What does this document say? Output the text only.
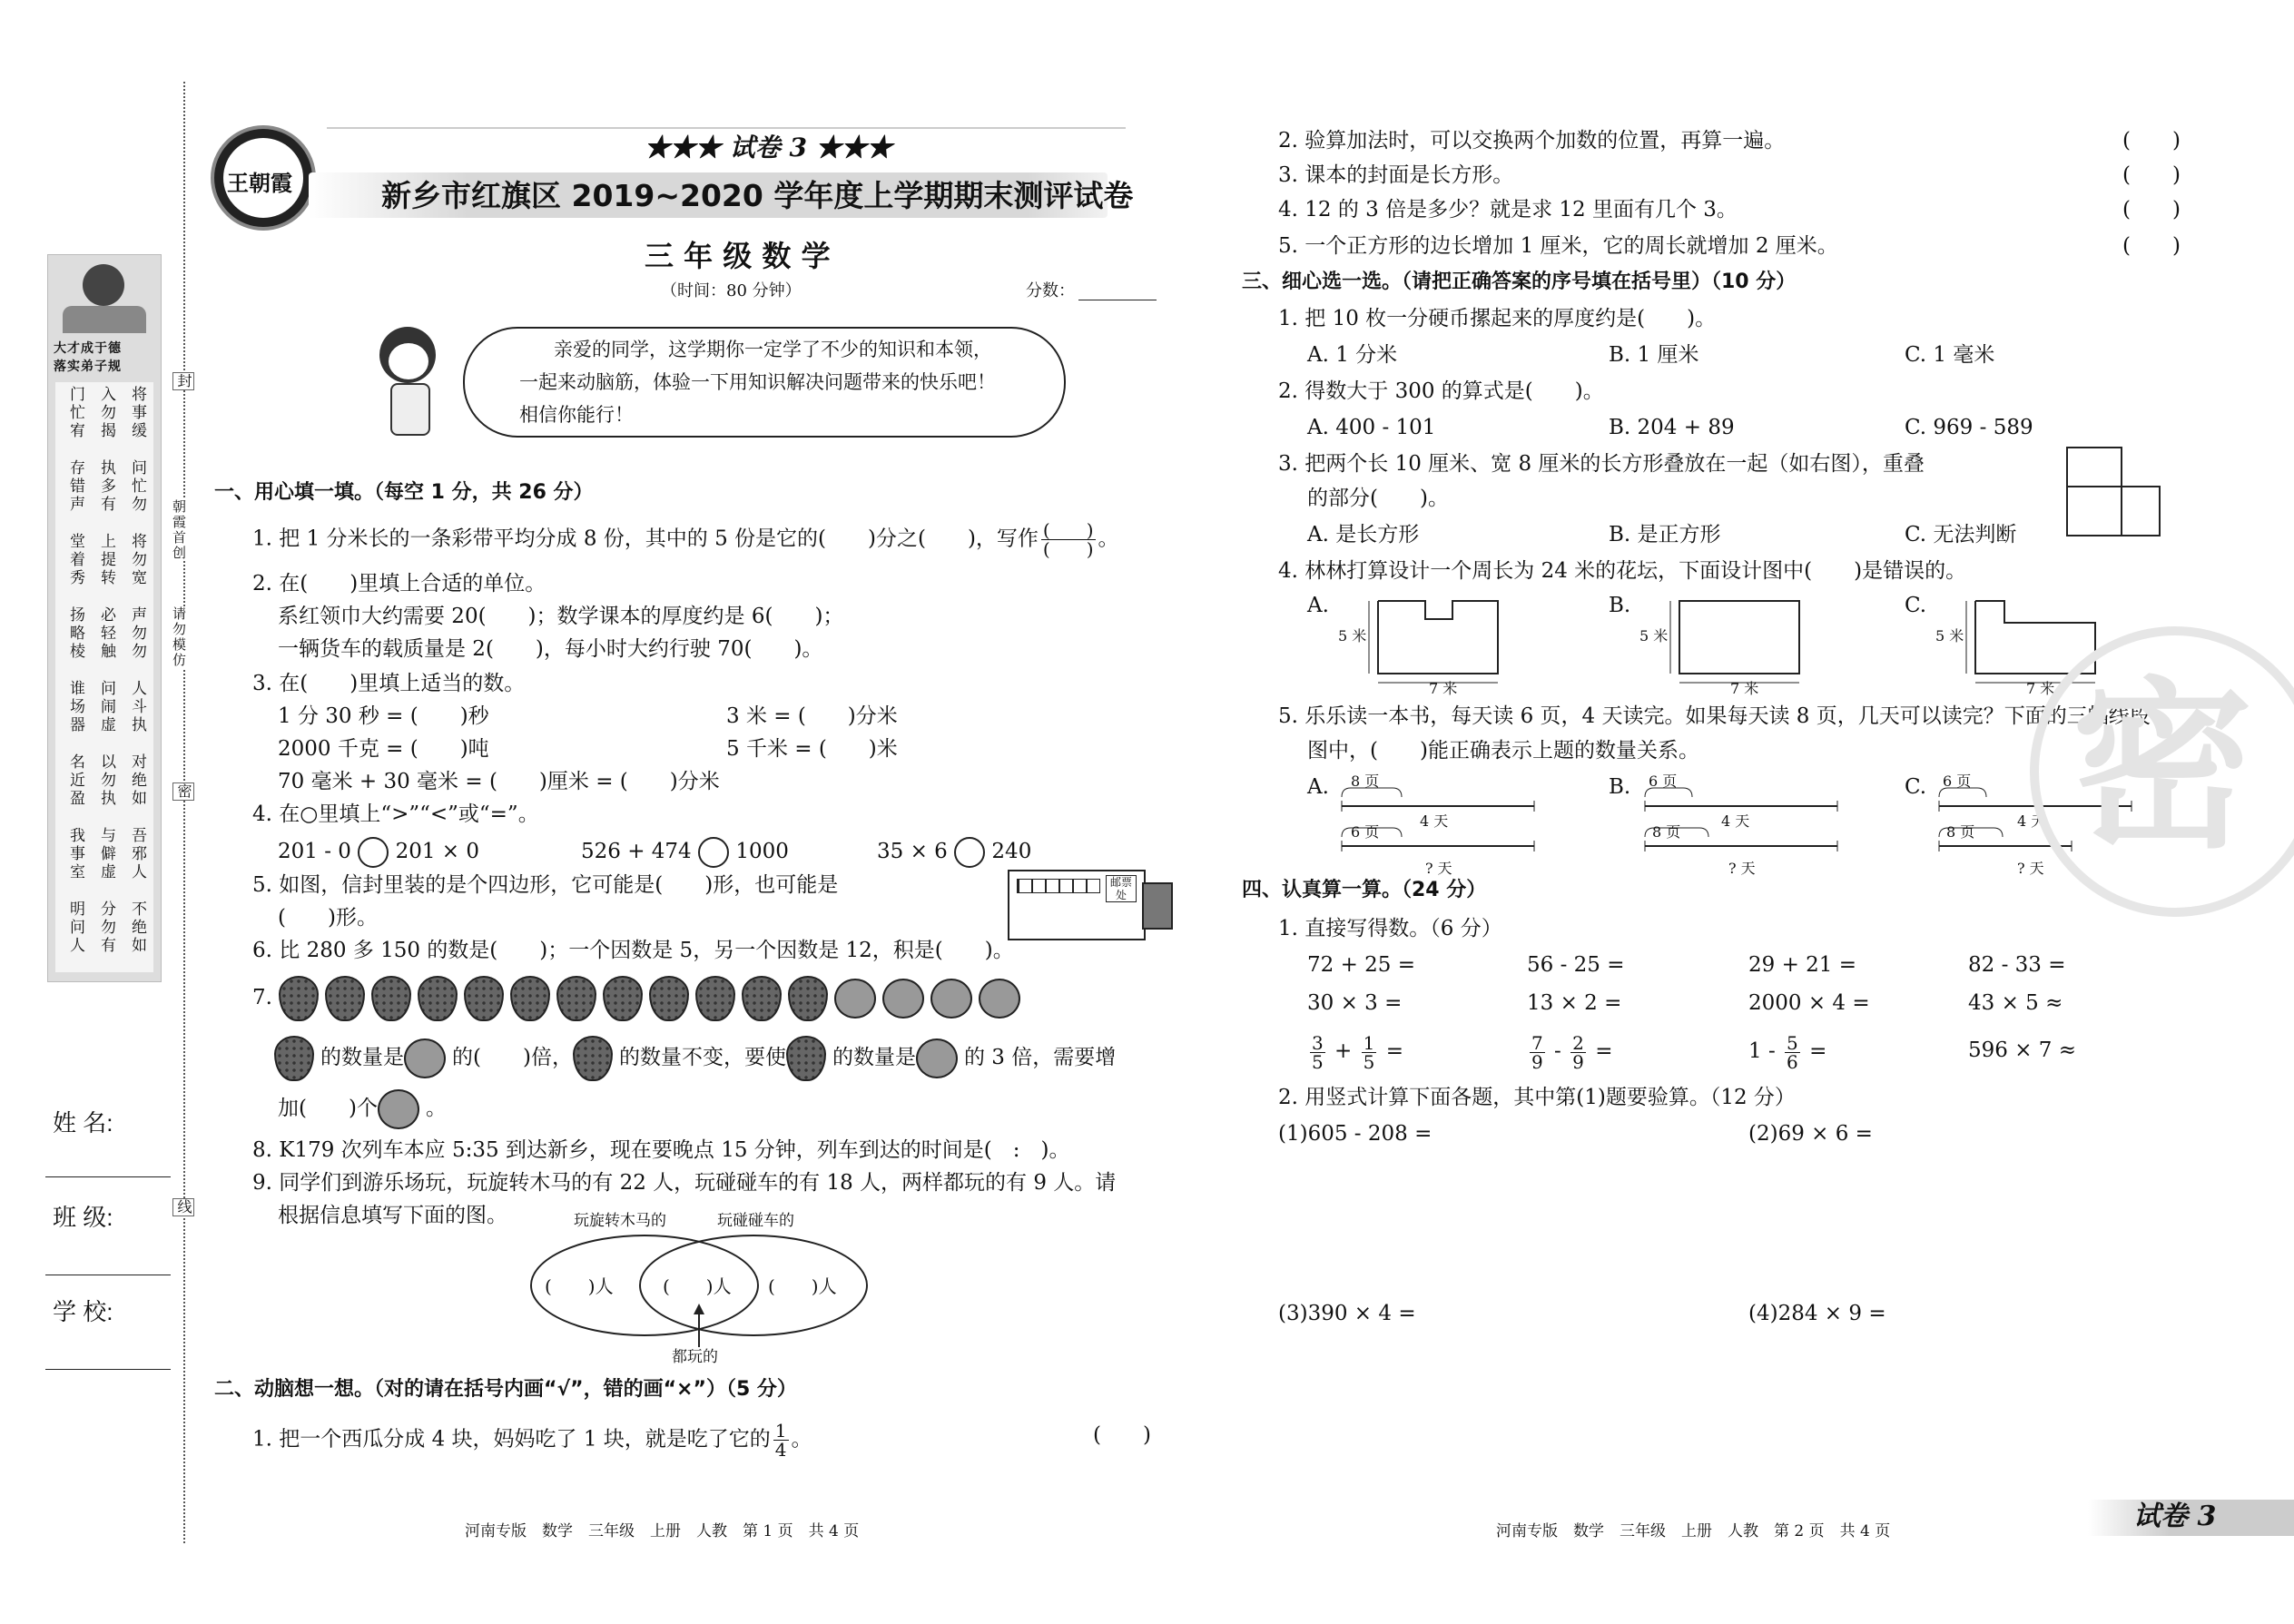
大才成于德
落实弟子规
将事缓
入勿揭
门忙宥
问忙勿
执多有
存错声
将勿宽
上提转
堂着秀
声勿勿
必轻触
扬略棱
人斗执
问闹虚
谁场器
对绝如
以勿执
名近盈
吾邪人
与僻虚
我事室
不绝如
分勿有
明问人
封
朝霞首创
请勿模仿
密
线
姓 名:
班 级:
学 校:
王朝霞
★★★ 试卷 3 ★★★
新乡市红旗区 2019~2020 学年度上学期期末测评试卷
三 年 级 数 学
（时间：80 分钟）	分数：
亲爱的同学，这学期你一定学了不少的知识和本领，
一起来动脑筋，体验一下用知识解决问题带来的快乐吧！
相信你能行！
一、用心填一填。（每空 1 分，共 26 分）
1. 把 1 分米长的一条彩带平均分成 8 份，其中的 5 份是它的(　　)分之(　　)，写作 $\frac{( )}{( )}$ 。
2. 在(　　)里填上合适的单位。
系红领巾大约需要 20(　　)；数学课本的厚度约是 6(　　)；
一辆货车的载质量是 2(　　)，每小时大约行驶 70(　　)。
3. 在(　　)里填上适当的数。
1 分 30 秒 = (　　)秒	3 米 = (　　)分米
2000 千克 = (　　)吨	5 千米 = (　　)米
70 毫米 + 30 毫米 = (　　)厘米 = (　　)分米
4. 在○里填上“>”“<”或“=”。
201 - 0 201 × 0	526 + 474 1000	35 × 6 240
5. 如图，信封里装的是个四边形，它可能是(　　)形，也可能是
(　　)形。
邮票处
6. 比 280 多 150 的数是(　　)；一个因数是 5，另一个因数是 12，积是(　　)。
7.
的数量是 的(　　)倍， 的数量不变，要使 的数量是 的 3 倍，需要增
加(　　)个 。
8. K179 次列车本应 5:35 到达新乡，现在要晚点 15 分钟，列车到达的时间是(　:　)。
9. 同学们到游乐场玩，玩旋转木马的有 22 人，玩碰碰车的有 18 人，两样都玩的有 9 人。请
根据信息填写下面的图。	玩旋转木马的	玩碰碰车的
(　　)人	(　　)人 (　　)人
都玩的
二、动脑想一想。（对的请在括号内画“√”，错的画“×”）（5 分）
1. 把一个西瓜分成 4 块，妈妈吃了 1 块，就是吃了它的 $\frac{1}{4}$ 。	(　　)
河南专版　数学　三年级　上册　人教　第 1 页　共 4 页	河南专版　数学　三年级　上册　人教　第 2 页　共 4 页	试卷 3
2. 验算加法时，可以交换两个加数的位置，再算一遍。	(　　)
3. 课本的封面是长方形。	(　　)
4. 12 的 3 倍是多少？就是求 12 里面有几个 3。	(　　)
5. 一个正方形的边长增加 1 厘米，它的周长就增加 2 厘米。	(　　)
三、细心选一选。（请把正确答案的序号填在括号里）（10 分）
1. 把 10 枚一分硬币摞起来的厚度约是(　　)。
A. 1 分米	B. 1 厘米	C. 1 毫米
2. 得数大于 300 的算式是(　　)。
A. 400 - 101	B. 204 + 89	C. 969 - 589
3. 把两个长 10 厘米、宽 8 厘米的长方形叠放在一起（如右图），重叠
的部分(　　)。
A. 是长方形	B. 是正方形	C. 无法判断
4. 林林打算设计一个周长为 24 米的花坛，下面设计图中(　　)是错误的。
A.	B.	C.
5 米
7 米
5 米
7 米
5 米
7 米
5. 乐乐读一本书，每天读 6 页，4 天读完。如果每天读 8 页，几天可以读完？下面的三幅线段
图中，(　　)能正确表示上题的数量关系。
A. 8 页
4 天
6 页
? 天
B. 6 页
4 天
8 页
? 天
C. 6 页
4 天
8 页
? 天 密
四、认真算一算。（24 分）
1. 直接写得数。（6 分）
72 + 25 =	56 - 25 =	29 + 21 =	82 - 33 =
30 × 3 =	13 × 2 =	2000 × 4 =	43 × 5 ≈
$\frac{3}{5} + \frac{1}{5}$ =	$\frac{7}{9} - \frac{2}{9}$ =	$1 - \frac{5}{6}$ =	596 × 7 ≈
2. 用竖式计算下面各题，其中第(1)题要验算。（12 分）
(1)605 - 208 =	(2)69 × 6 =
(3)390 × 4 =	(4)284 × 9 =
